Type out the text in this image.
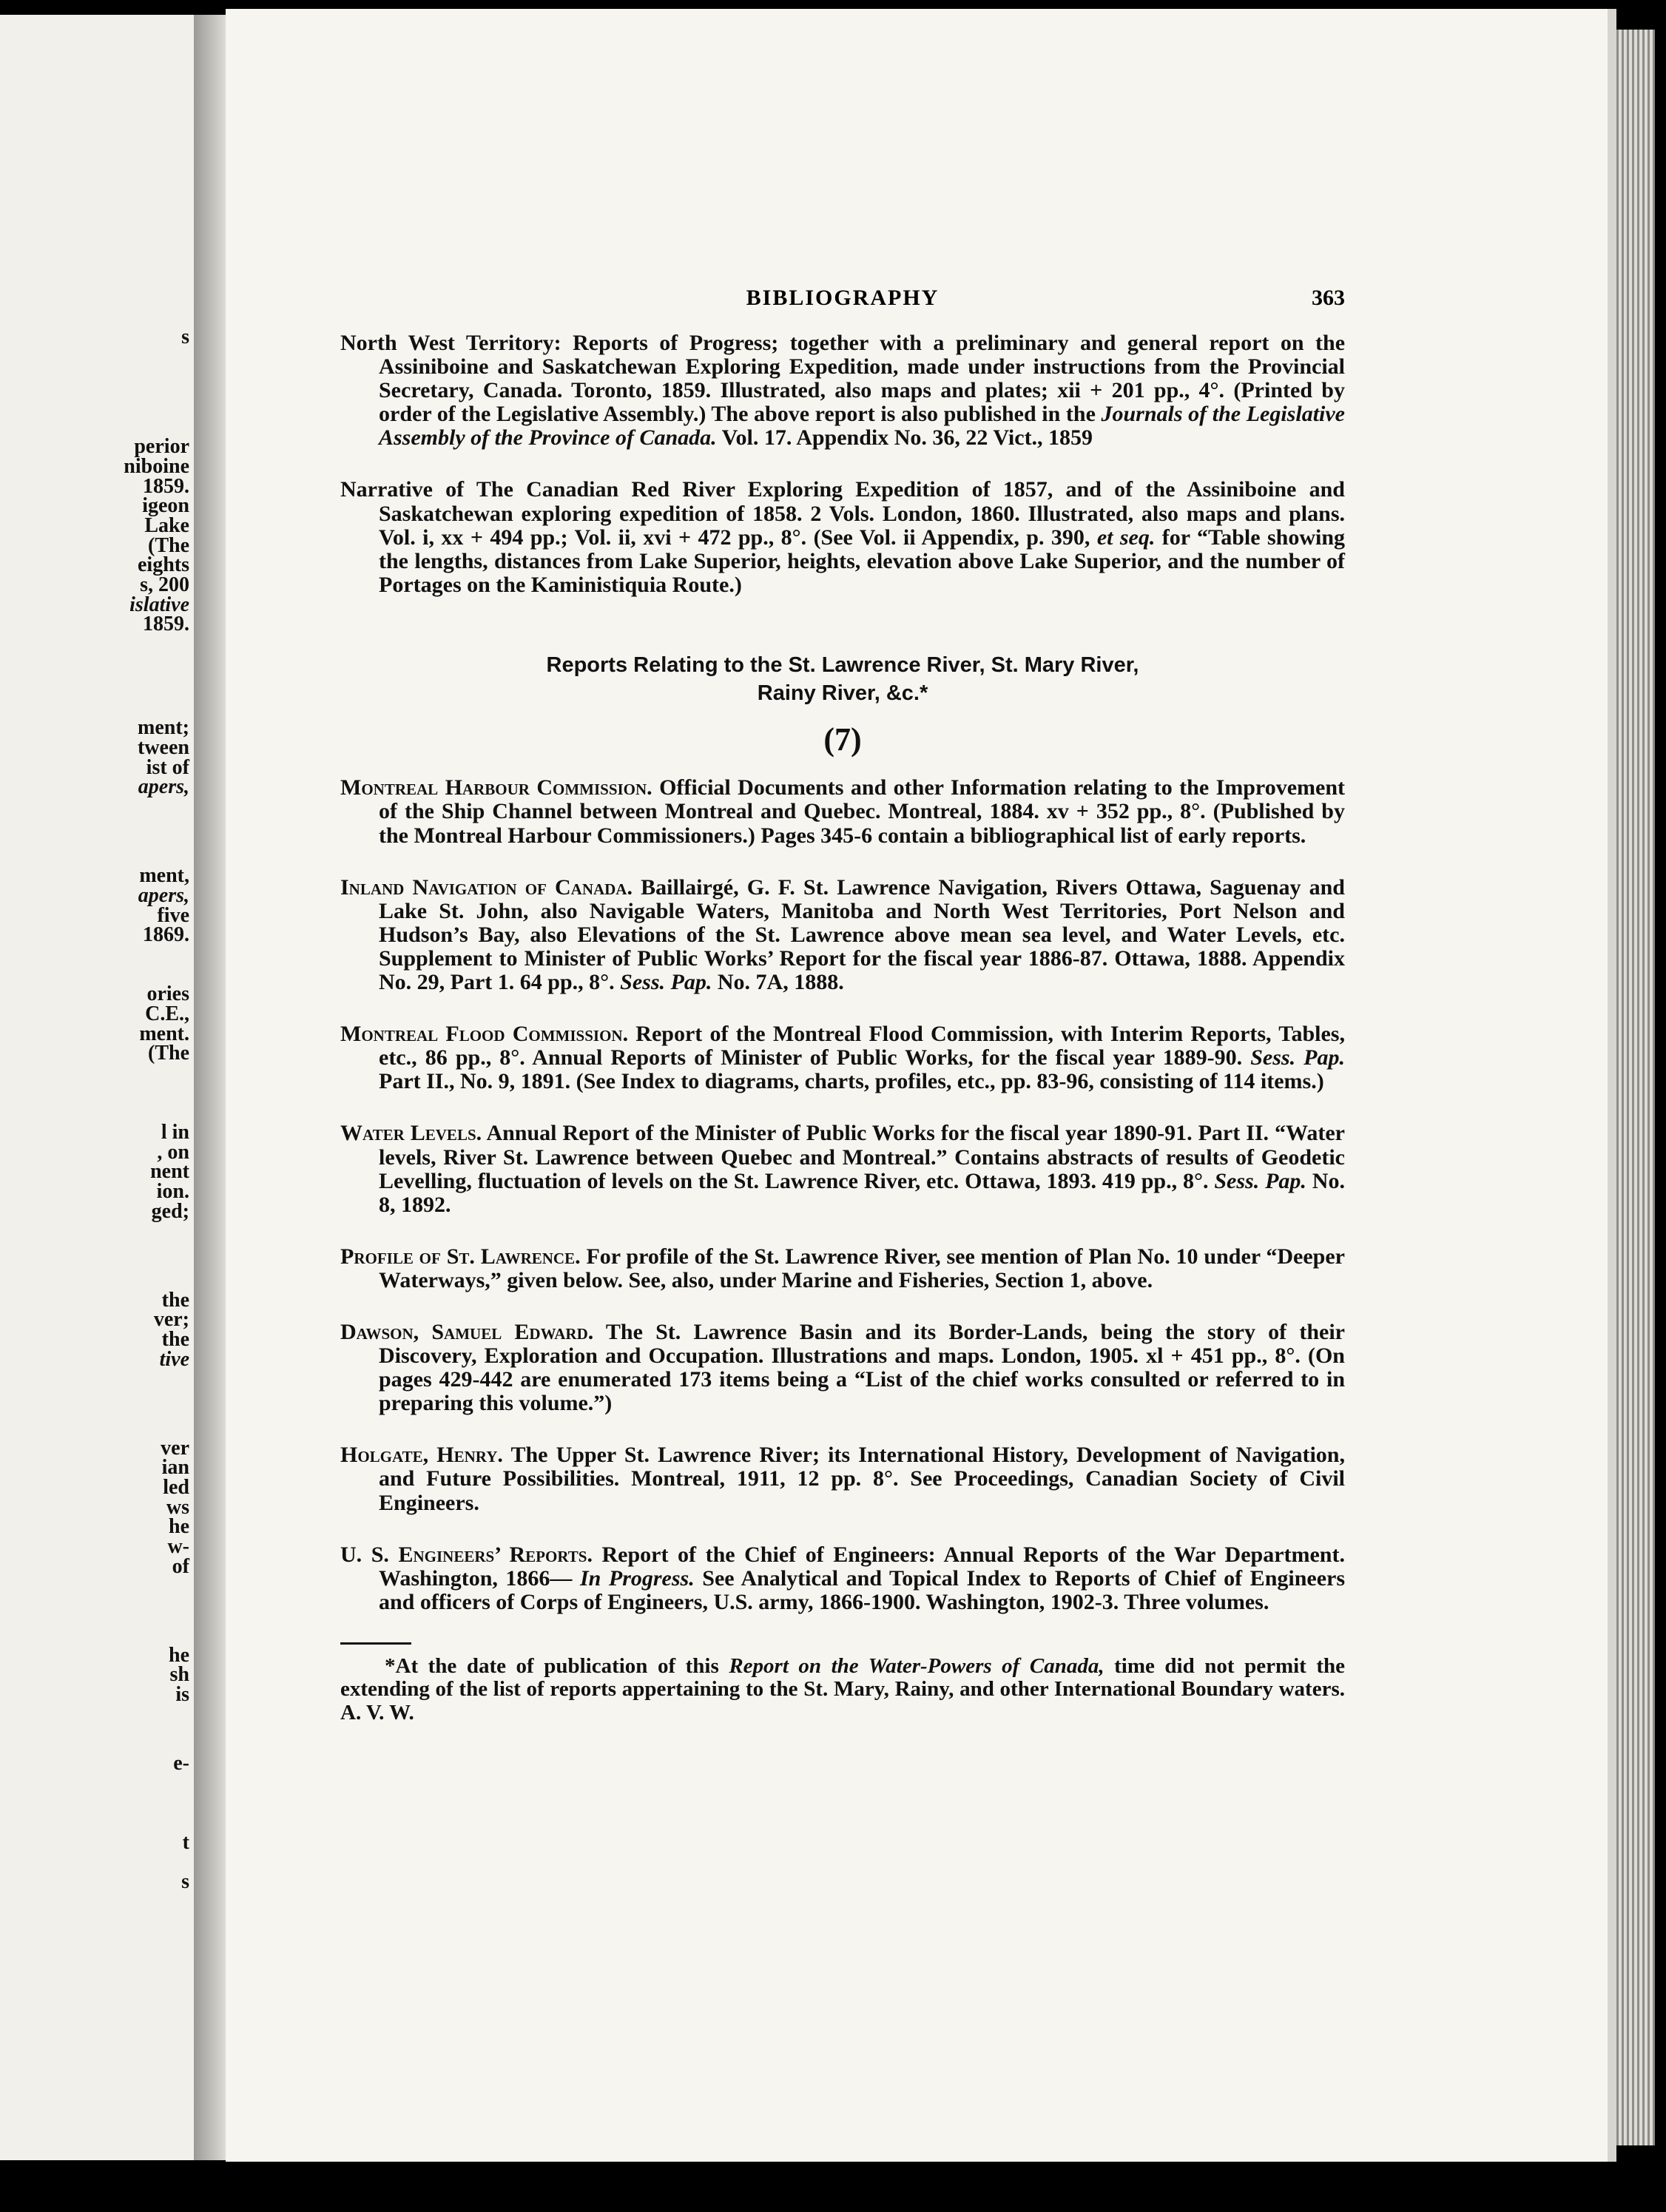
s
perior
niboine
1859.
igeon
Lake
(The
eights
s, 200
islative
1859.
ment;
tween
ist of
apers,
ment,
apers,
five
1869.
ories
C.E.,
ment.
(The
l in
, on
nent
ion.
ged;
the
ver;
the
tive
ver
ian
led
ws
he
w-
of
he
sh
is
e-
t
s
BIBLIOGRAPHY	363
North West Territory: Reports of Progress; together with a preliminary and general report on the Assiniboine and Saskatchewan Exploring Expedition, made under instructions from the Provincial Secretary, Canada. Toronto, 1859. Illustrated, also maps and plates; xii + 201 pp., 4°. (Printed by order of the Legislative Assembly.) The above report is also published in the Journals of the Legislative Assembly of the Province of Canada. Vol. 17. Appendix No. 36, 22 Vict., 1859
Narrative of The Canadian Red River Exploring Expedition of 1857, and of the Assiniboine and Saskatchewan exploring expedition of 1858. 2 Vols. London, 1860. Illustrated, also maps and plans. Vol. i, xx + 494 pp.; Vol. ii, xvi + 472 pp., 8°. (See Vol. ii Appendix, p. 390, et seq. for “Table showing the lengths, distances from Lake Superior, heights, elevation above Lake Superior, and the number of Portages on the Kaministiquia Route.)
Reports Relating to the St. Lawrence River, St. Mary River,
Rainy River, &c.*
(7)
Montreal Harbour Commission. Official Documents and other Information relating to the Improvement of the Ship Channel between Montreal and Quebec. Montreal, 1884. xv + 352 pp., 8°. (Published by the Montreal Harbour Commissioners.) Pages 345-6 contain a bibliographical list of early reports.
Inland Navigation of Canada. Baillairgé, G. F. St. Lawrence Navigation, Rivers Ottawa, Saguenay and Lake St. John, also Navigable Waters, Manitoba and North West Territories, Port Nelson and Hudson’s Bay, also Elevations of the St. Lawrence above mean sea level, and Water Levels, etc. Supplement to Minister of Public Works’ Report for the fiscal year 1886-87. Ottawa, 1888. Appendix No. 29, Part 1. 64 pp., 8°. Sess. Pap. No. 7A, 1888.
Montreal Flood Commission. Report of the Montreal Flood Commission, with Interim Reports, Tables, etc., 86 pp., 8°. Annual Reports of Minister of Public Works, for the fiscal year 1889-90. Sess. Pap. Part II., No. 9, 1891. (See Index to diagrams, charts, profiles, etc., pp. 83-96, consisting of 114 items.)
Water Levels. Annual Report of the Minister of Public Works for the fiscal year 1890-91. Part II. “Water levels, River St. Lawrence between Quebec and Montreal.” Contains abstracts of results of Geodetic Levelling, fluctuation of levels on the St. Lawrence River, etc. Ottawa, 1893. 419 pp., 8°. Sess. Pap. No. 8, 1892.
Profile of St. Lawrence. For profile of the St. Lawrence River, see mention of Plan No. 10 under “Deeper Waterways,” given below. See, also, under Marine and Fisheries, Section 1, above.
Dawson, Samuel Edward. The St. Lawrence Basin and its Border-Lands, being the story of their Discovery, Exploration and Occupation. Illustrations and maps. London, 1905. xl + 451 pp., 8°. (On pages 429-442 are enumerated 173 items being a “List of the chief works consulted or referred to in preparing this volume.”)
Holgate, Henry. The Upper St. Lawrence River; its International History, Development of Navigation, and Future Possibilities. Montreal, 1911, 12 pp. 8°. See Proceedings, Canadian Society of Civil Engineers.
U. S. Engineers’ Reports. Report of the Chief of Engineers: Annual Reports of the War Department. Washington, 1866— In Progress. See Analytical and Topical Index to Reports of Chief of Engineers and officers of Corps of Engineers, U.S. army, 1866-1900. Washington, 1902-3. Three volumes.
*At the date of publication of this Report on the Water-Powers of Canada, time did not permit the extending of the list of reports appertaining to the St. Mary, Rainy, and other International Boundary waters. A. V. W.
